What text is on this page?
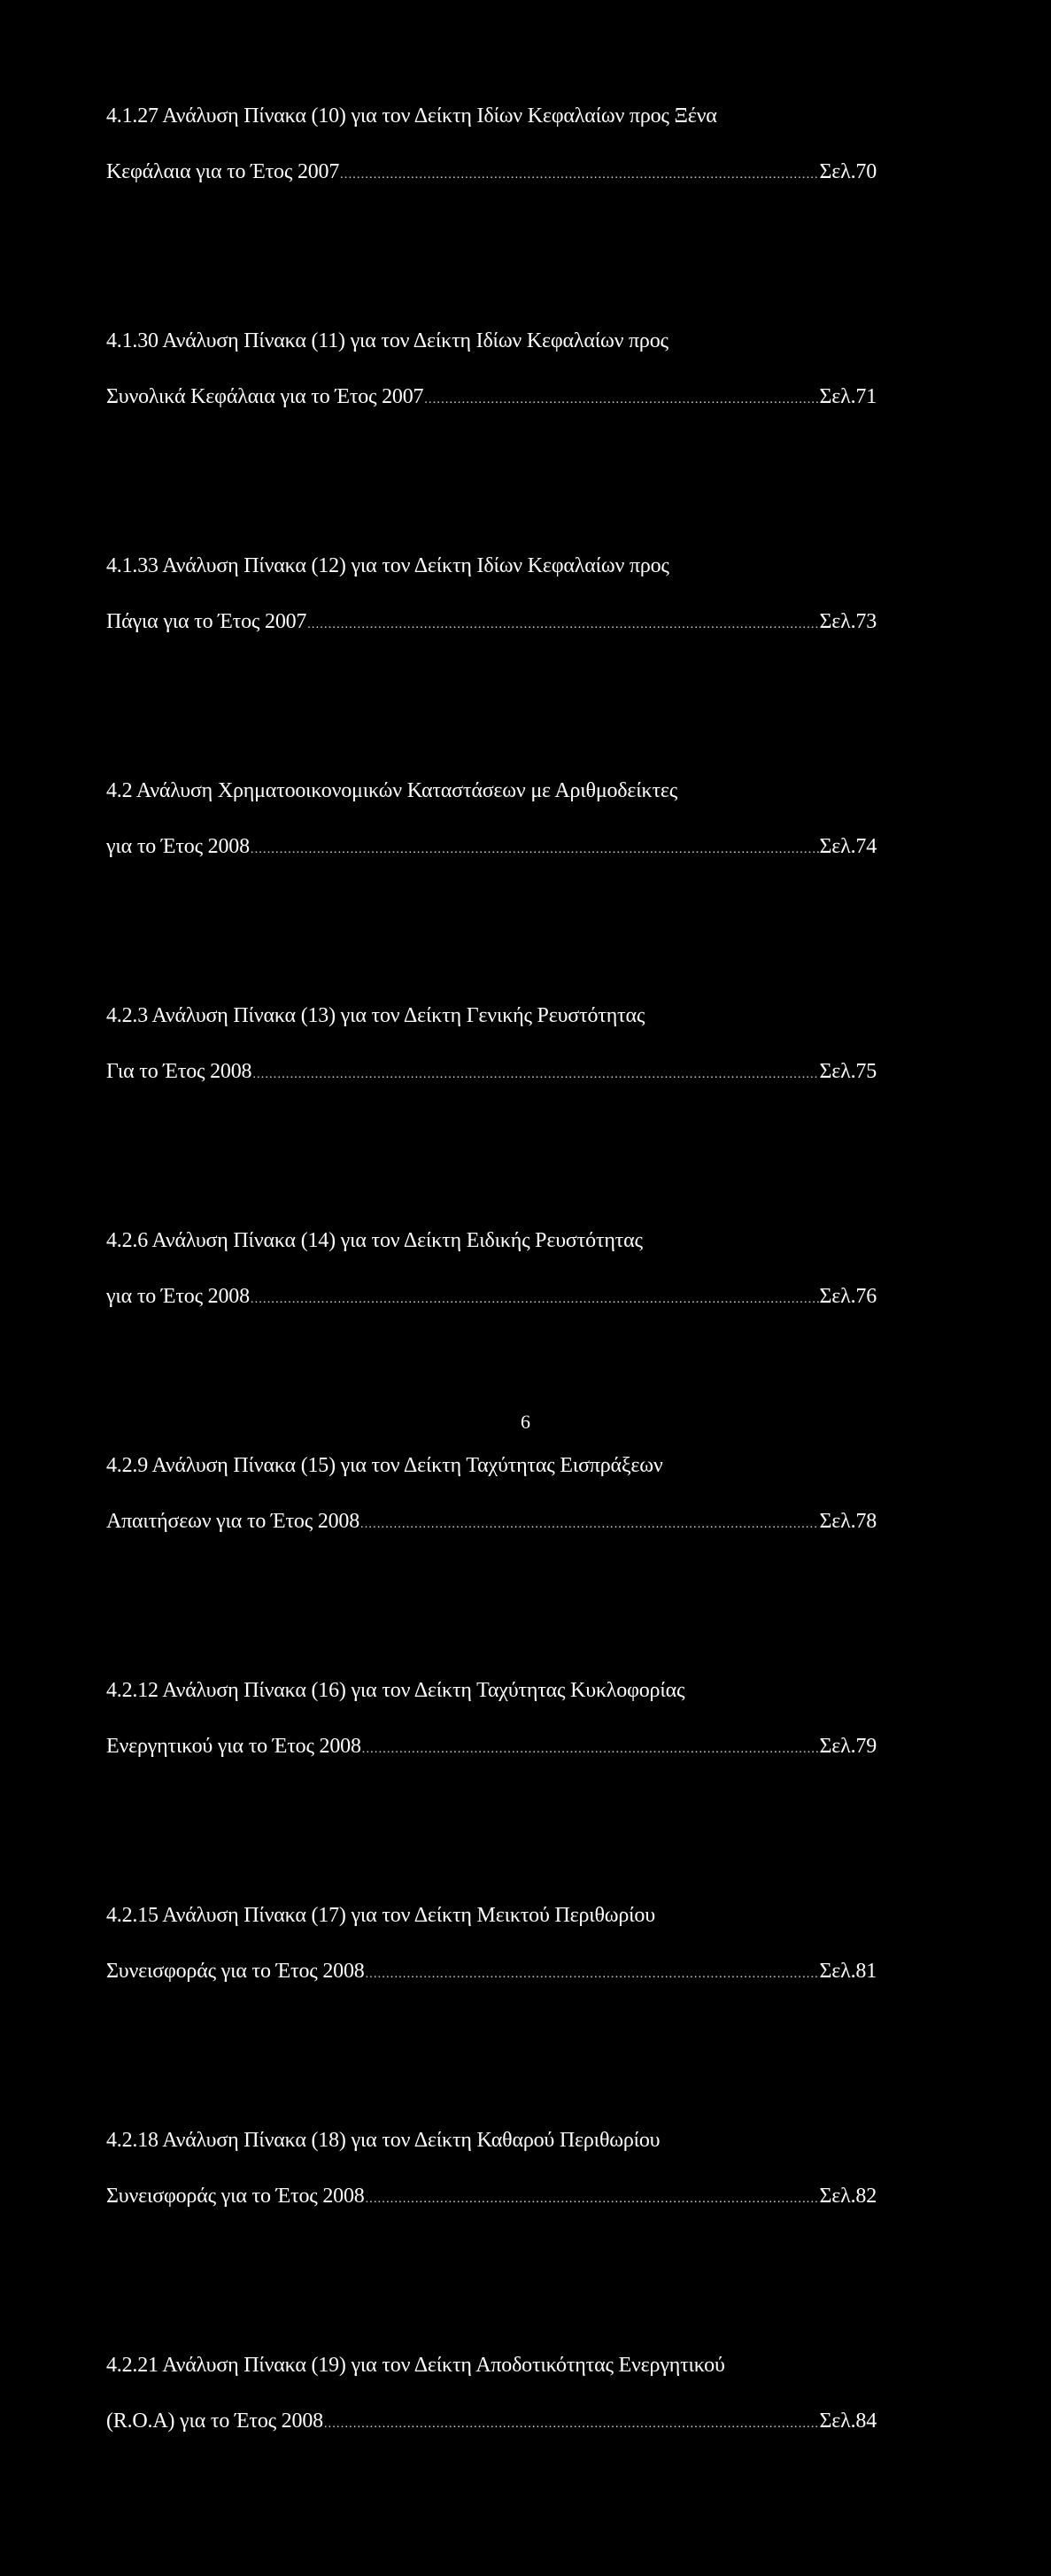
4.1.27 Ανάλυση Πίνακα (10) για τον Δείκτη Ιδίων Κεφαλαίων προς Ξένα
Κεφάλαια για το Έτος 2007 .....	Σελ.70
4.1.30 Ανάλυση Πίνακα (11) για τον Δείκτη Ιδίων Κεφαλαίων προς
Συνολικά Κεφάλαια για το Έτος 2007 .....	Σελ.71
4.1.33 Ανάλυση Πίνακα (12) για τον Δείκτη Ιδίων Κεφαλαίων προς
Πάγια για το Έτος 2007 .....	Σελ.73
4.2 Ανάλυση Χρηματοοικονομικών Καταστάσεων με Αριθμοδείκτες
για το Έτος 2008 .....	Σελ.74
4.2.3 Ανάλυση Πίνακα (13) για τον Δείκτη Γενικής Ρευστότητας
Για το Έτος 2008 .....	Σελ.75
4.2.6 Ανάλυση Πίνακα (14) για τον Δείκτη Ειδικής Ρευστότητας
για το Έτος 2008 .....	Σελ.76
4.2.9 Ανάλυση Πίνακα (15) για τον Δείκτη Ταχύτητας Εισπράξεων
Απαιτήσεων για το Έτος 2008 .....	Σελ.78
4.2.12 Ανάλυση Πίνακα (16) για τον Δείκτη Ταχύτητας Κυκλοφορίας
Ενεργητικού για το Έτος 2008 .....	Σελ.79
4.2.15 Ανάλυση Πίνακα (17) για τον Δείκτη Μεικτού Περιθωρίου
Συνεισφοράς για το Έτος 2008 .....	Σελ.81
4.2.18 Ανάλυση Πίνακα (18) για τον Δείκτη Καθαρού Περιθωρίου
Συνεισφοράς για το Έτος 2008 .....	Σελ.82
4.2.21 Ανάλυση Πίνακα (19) για τον Δείκτη Αποδοτικότητας Ενεργητικού
(R.O.A) για το Έτος 2008 .....	Σελ.84
6
